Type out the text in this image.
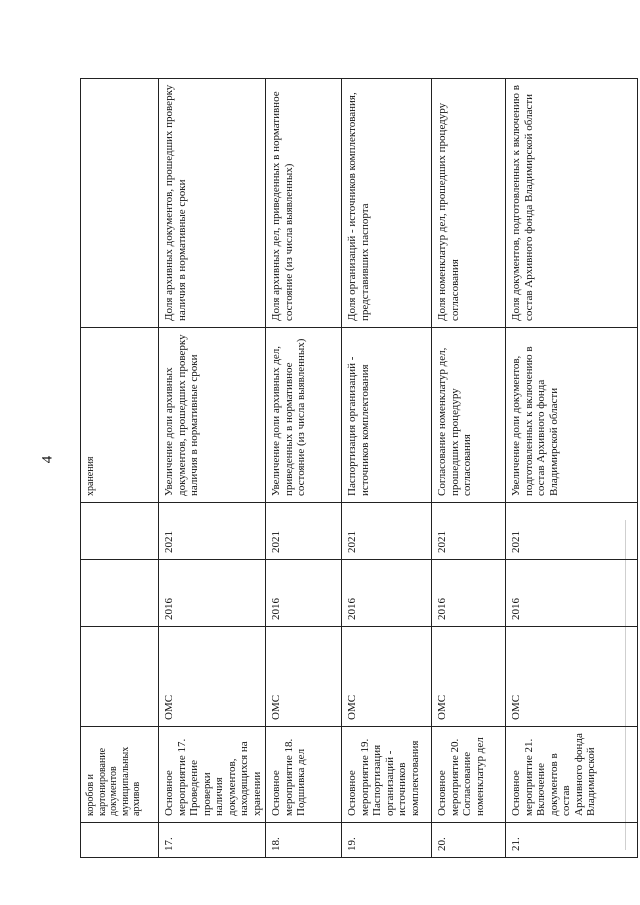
4
	коробов и картонирование документов муниципальных архивов				хранения	
17.	Основное мероприятие 17. Проведение проверки наличия документов, находящихся на хранении	ОМС	2016	2021	Увеличение доли архивных документов, прошедших проверку наличия в нормативные сроки	Доля архивных документов, прошедших проверку наличия в нормативные сроки
18.	Основное мероприятие 18. Подшивка дел	ОМС	2016	2021	Увеличение доли архивных дел, приведенных в нормативное состояние (из числа выявленных)	Доля архивных дел, приведенных в нормативное состояние (из числа выявленных)
19.	Основное мероприятие 19. Паспортизация организаций - источников комплектования	ОМС	2016	2021	Паспортизация организаций - источников комплектования	Доля организаций - источников комплектования, представивших паспорта
20.	Основное мероприятие 20. Согласование номенклатур дел	ОМС	2016	2021	Согласование номенклатур дел, прошедших процедуру согласования	Доля номенклатур дел, прошедших процедуру согласования
21.	Основное мероприятие 21. Включение документов в состав Архивного фонда Владимирской	ОМС	2016	2021	Увеличение доли документов, подготовленных к включению в состав Архивного фонда Владимирской области	Доля документов, подготовленных к включению в состав Архивного фонда Владимирской области
